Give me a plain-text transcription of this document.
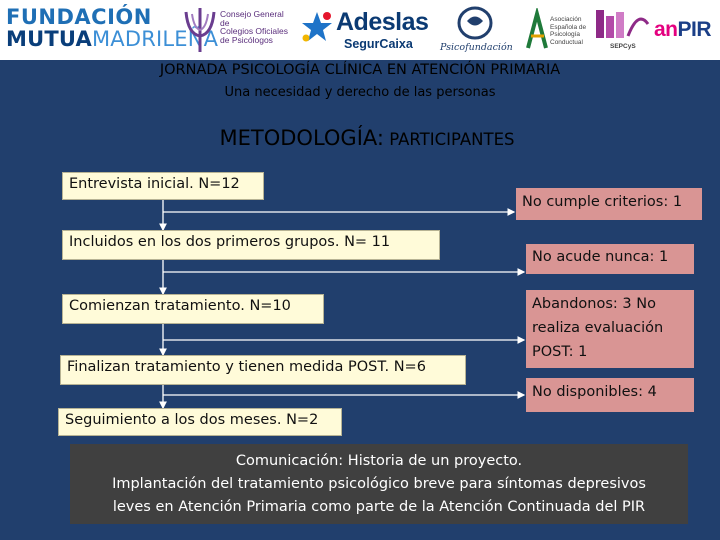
FUNDACIÓN
MUTUAMADRILEÑA
Consejo General de
Colegios Oficiales
de Psicólogos
Adeslas
SegurCaixa	Psicofundación
Asociación
Española de
Psicología
Conductual
SEPCyS
anPIR
JORNADA PSICOLOGÍA CLÍNICA EN ATENCIÓN PRIMARIA
Una necesidad y derecho de las personas
METODOLOGÍA: PARTICIPANTES
Entrevista inicial. N=12
Incluidos en los dos primeros grupos. N= 11
Comienzan tratamiento. N=10
Finalizan tratamiento y tienen medida POST. N=6
Seguimiento a los dos meses. N=2
No cumple criterios: 1
No acude nunca: 1
Abandonos: 3 No realiza evaluación POST: 1
No disponibles: 4
Comunicación: Historia de un proyecto.
Implantación del tratamiento psicológico breve para síntomas depresivos
leves en Atención Primaria como parte de la Atención Continuada del PIR
